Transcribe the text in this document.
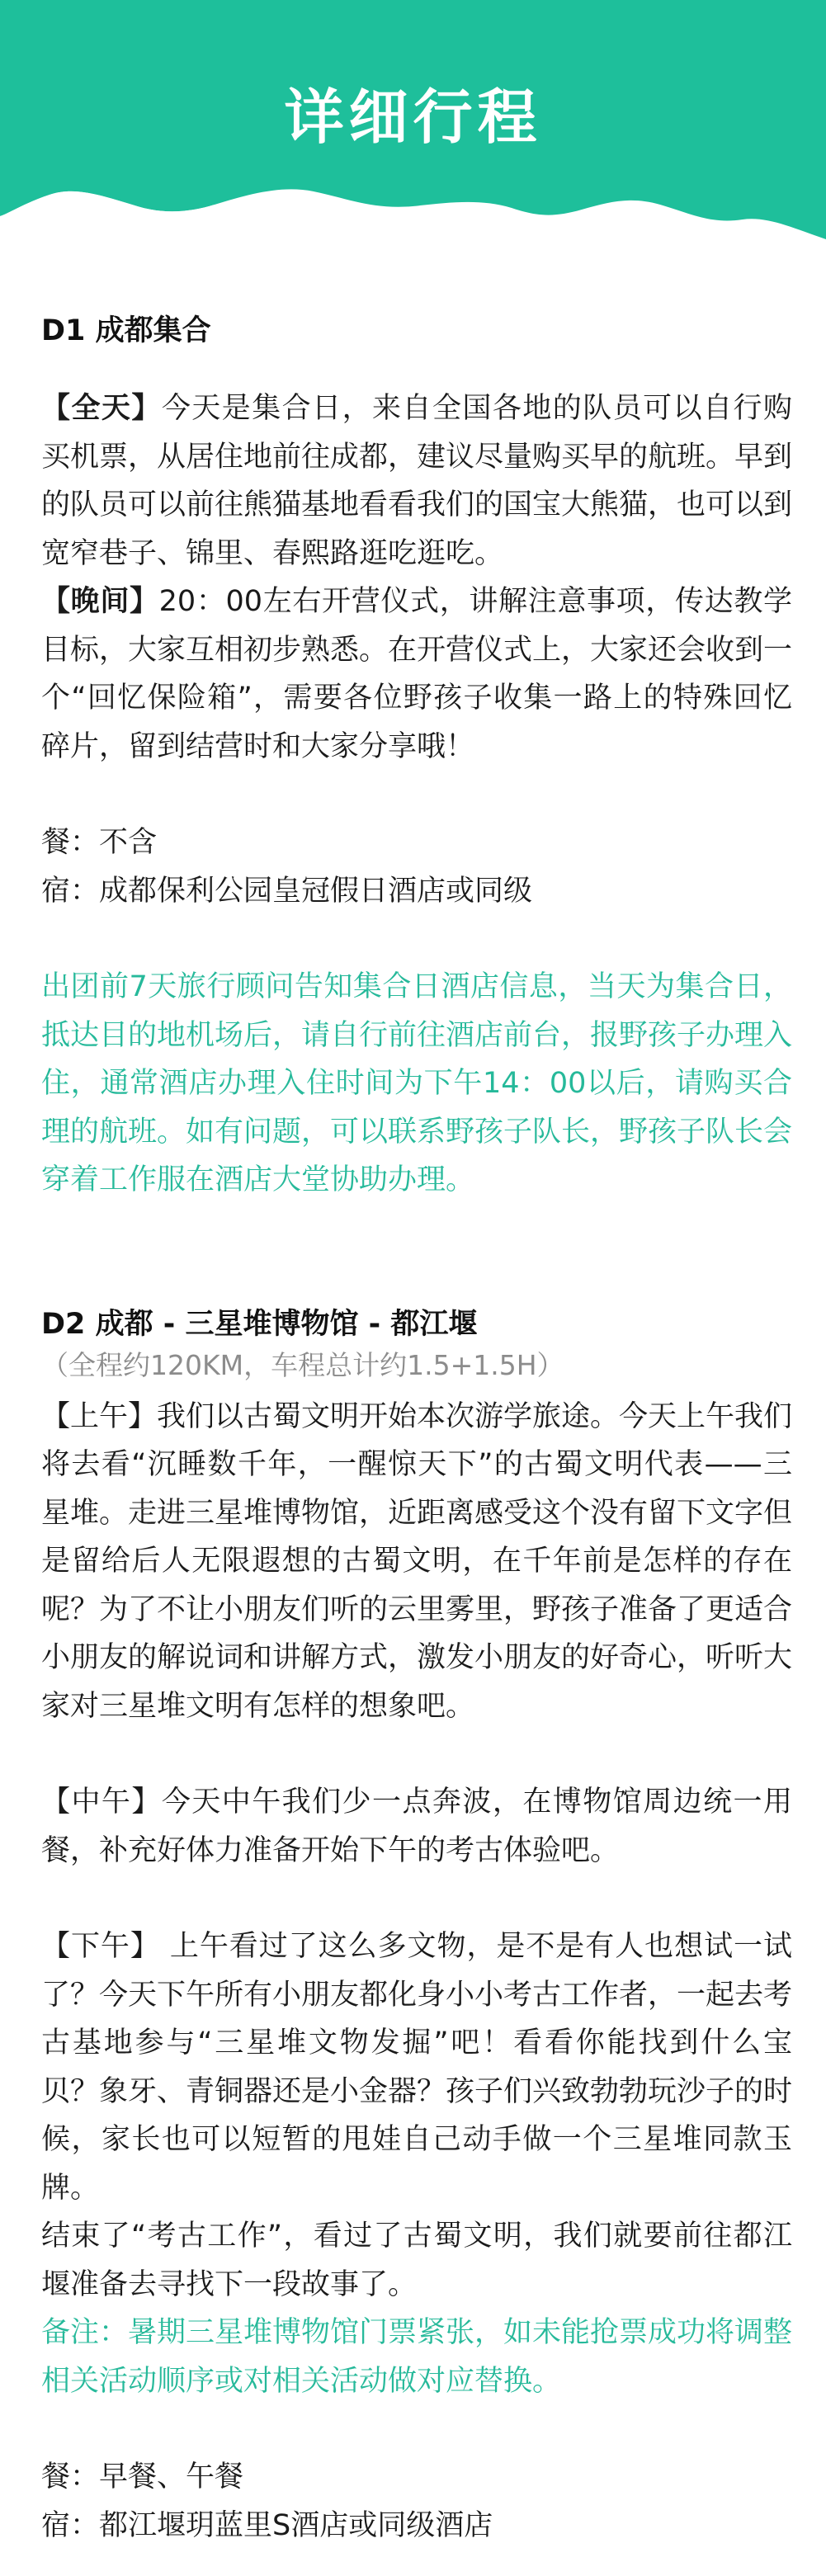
详细行程
D1 成都集合

【全天】今天是集合日，来自全国各地的队员可以自行购买机票，从居住地前往成都，建议尽量购买早的航班。早到的队员可以前往熊猫基地看看我们的国宝大熊猫，也可以到宽窄巷子、锦里、春熙路逛吃逛吃。

【晚间】20：00左右开营仪式，讲解注意事项，传达教学目标，大家互相初步熟悉。在开营仪式上，大家还会收到一个“回忆保险箱”，需要各位野孩子收集一路上的特殊回忆碎片，留到结营时和大家分享哦！

餐：不含

宿：成都保利公园皇冠假日酒店或同级

出团前7天旅行顾问告知集合日酒店信息，当天为集合日，抵达目的地机场后，请自行前往酒店前台，报野孩子办理入住，通常酒店办理入住时间为下午14：00以后，请购买合理的航班。如有问题，可以联系野孩子队长，野孩子队长会穿着工作服在酒店大堂协助办理。

D2 成都 - 三星堆博物馆 - 都江堰

（全程约120KM，车程总计约1.5+1.5H）

【上午】我们以古蜀文明开始本次游学旅途。今天上午我们将去看“沉睡数千年，一醒惊天下”的古蜀文明代表——三星堆。走进三星堆博物馆，近距离感受这个没有留下文字但是留给后人无限遐想的古蜀文明，在千年前是怎样的存在呢？为了不让小朋友们听的云里雾里，野孩子准备了更适合小朋友的解说词和讲解方式，激发小朋友的好奇心，听听大家对三星堆文明有怎样的想象吧。

【中午】今天中午我们少一点奔波，在博物馆周边统一用餐，补充好体力准备开始下午的考古体验吧。

【下午】 上午看过了这么多文物，是不是有人也想试一试了？今天下午所有小朋友都化身小小考古工作者，一起去考古基地参与“三星堆文物发掘”吧！看看你能找到什么宝贝？象牙、青铜器还是小金器？孩子们兴致勃勃玩沙子的时候，家长也可以短暂的甩娃自己动手做一个三星堆同款玉牌。

结束了“考古工作”，看过了古蜀文明，我们就要前往都江堰准备去寻找下一段故事了。

备注：暑期三星堆博物馆门票紧张，如未能抢票成功将调整相关活动顺序或对相关活动做对应替换。

餐：早餐、午餐

宿：都江堰玥蓝里S酒店或同级酒店
